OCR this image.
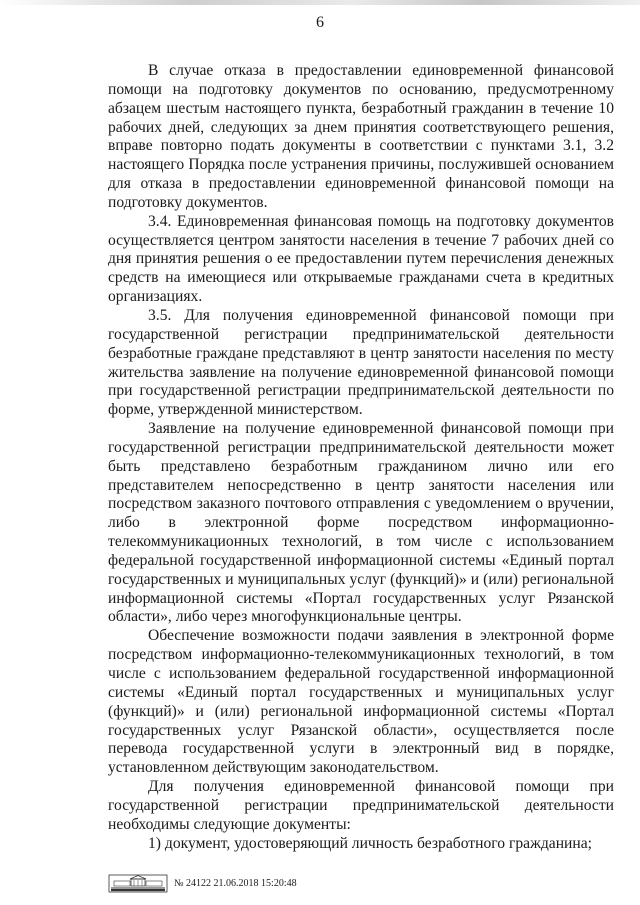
6

В случае отказа в предоставлении единовременной финансовой помощи на подготовку документов по основанию, предусмотренному абзацем шестым настоящего пункта, безработный гражданин в течение 10 рабочих дней, следующих за днем принятия соответствующего решения, вправе повторно подать документы в соответствии с пунктами 3.1, 3.2 настоящего Порядка после устранения причины, послужившей основанием для отказа в предоставлении единовременной финансовой помощи на подготовку документов.

3.4. Единовременная финансовая помощь на подготовку документов осуществляется центром занятости населения в течение 7 рабочих дней со дня принятия решения о ее предоставлении путем перечисления денежных средств на имеющиеся или открываемые гражданами счета в кредитных организациях.

3.5. Для получения единовременной финансовой помощи при государственной регистрации предпринимательской деятельности безработные граждане представляют в центр занятости населения по месту жительства заявление на получение единовременной финансовой помощи при государственной регистрации предпринимательской деятельности по форме, утвержденной министерством.

Заявление на получение единовременной финансовой помощи при государственной регистрации предпринимательской деятельности может быть представлено безработным гражданином лично или его представителем непосредственно в центр занятости населения или посредством заказного почтового отправления с уведомлением о вручении, либо в электронной форме посредством информационно-телекоммуникационных технологий, в том числе с использованием федеральной государственной информационной системы «Единый портал государственных и муниципальных услуг (функций)» и (или) региональной информационной системы «Портал государственных услуг Рязанской области», либо через многофункциональные центры.

Обеспечение возможности подачи заявления в электронной форме посредством информационно-телекоммуникационных технологий, в том числе с использованием федеральной государственной информационной системы «Единый портал государственных и муниципальных услуг (функций)» и (или) региональной информационной системы «Портал государственных услуг Рязанской области», осуществляется после перевода государственной услуги в электронный вид в порядке, установленном действующим законодательством.

Для получения единовременной финансовой помощи при государственной регистрации предпринимательской деятельности необходимы следующие документы:

1) документ, удостоверяющий личность безработного гражданина;

№ 24122 21.06.2018 15:20:48
